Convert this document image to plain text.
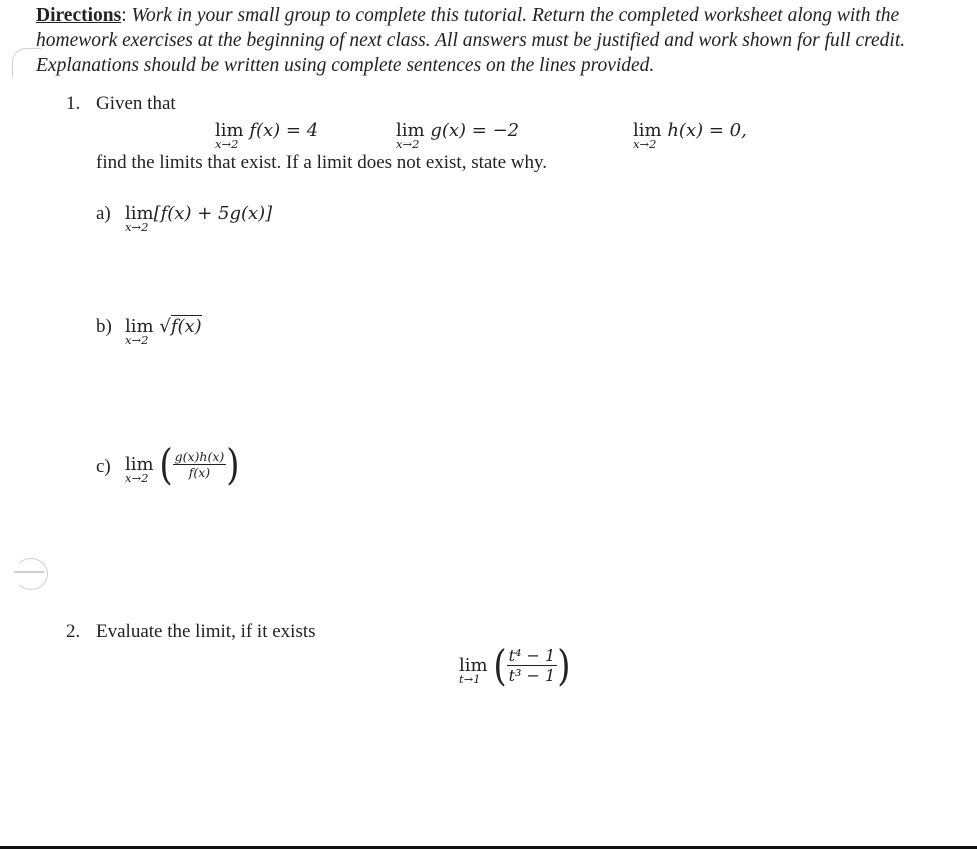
Directions: Work in your small group to complete this tutorial. Return the completed worksheet along with the homework exercises at the beginning of next class. All answers must be justified and work shown for full credit. Explanations should be written using complete sentences on the lines provided.
1. Given that
lim
x→2
f(x) = 4	lim
x→2
g(x) = −2	lim
x→2
h(x) = 0,
find the limits that exist. If a limit does not exist, state why.
a) lim
x→2
[f(x) + 5g(x)]
b) lim
x→2
√f(x)
c) lim
x→2 ( $\frac{g(x)h(x)}{f(x)}$ )
2. Evaluate the limit, if it exists
lim
t→1 ( $\frac{\text{t⁴ − 1}}{\text{t³ − 1}}$ )
